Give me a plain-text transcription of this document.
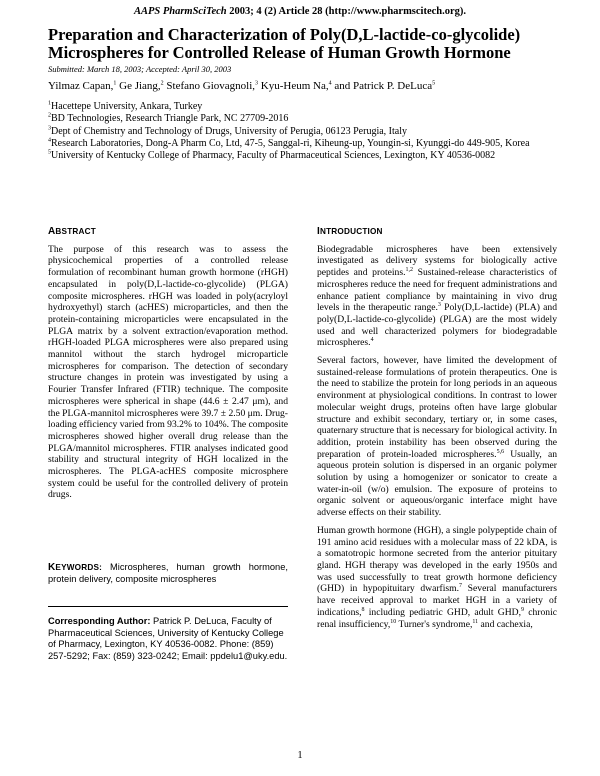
AAPS PharmSciTech 2003; 4 (2) Article 28 (http://www.pharmscitech.org).
Preparation and Characterization of Poly(D,L-lactide-co-glycolide) Microspheres for Controlled Release of Human Growth Hormone
Submitted: March 18, 2003; Accepted: April 30, 2003
Yilmaz Capan,$^1$ Ge Jiang,$^2$ Stefano Giovagnoli,$^3$ Kyu-Heum Na,$^4$ and Patrick P. DeLuca$^5$
$^1$Hacettepe University, Ankara, Turkey
$^2$BD Technologies, Research Triangle Park, NC 27709-2016
$^3$Dept of Chemistry and Technology of Drugs, University of Perugia, 06123 Perugia, Italy
$^4$Research Laboratories, Dong-A Pharm Co, Ltd, 47-5, Sanggal-ri, Kiheung-up, Youngin-si, Kyunggi-do 449-905, Korea
$^5$University of Kentucky College of Pharmacy, Faculty of Pharmaceutical Sciences, Lexington, KY 40536-0082
ABSTRACT

The purpose of this research was to assess the physicochemical properties of a controlled release formulation of recombinant human growth hormone (rHGH) encapsulated in poly(D,L-lactide-co-glycolide) (PLGA) composite microspheres. rHGH was loaded in poly(acryloyl hydroxyethyl) starch (acHES) microparticles, and then the protein-containing microparticles were encapsulated in the PLGA matrix by a solvent extraction/evaporation method. rHGH-loaded PLGA microspheres were also prepared using mannitol without the starch hydrogel microparticle microspheres for comparison. The detection of secondary structure changes in protein was investigated by using a Fourier Transfer Infrared (FTIR) technique. The composite microspheres were spherical in shape (44.6 ± 2.47 μm), and the PLGA-mannitol microspheres were 39.7 ± 2.50 μm. Drug-loading efficiency varied from 93.2% to 104%. The composite microspheres showed higher overall drug release than the PLGA/mannitol microspheres. FTIR analyses indicated good stability and structural integrity of HGH localized in the microspheres. The PLGA-acHES composite microsphere system could be useful for the controlled delivery of protein drugs.

KEYWORDS: Microspheres, human growth hormone, protein delivery, composite microspheres
Corresponding Author: Patrick P. DeLuca, Faculty of Pharmaceutical Sciences, University of Kentucky College of Pharmacy, Lexington, KY 40536-0082. Phone: (859) 257-5292; Fax: (859) 323-0242; Email: ppdelu1@uky.edu.
INTRODUCTION

Biodegradable microspheres have been extensively investigated as delivery systems for biologically active peptides and proteins.$^{1,2}$ Sustained-release characteristics of microspheres reduce the need for frequent administrations and enhance patient compliance by maintaining in vivo drug levels in the therapeutic range.$^3$ Poly(D,L-lactide) (PLA) and poly(D,L-lactide-co-glycolide) (PLGA) are the most widely used and well characterized polymers for biodegradable microspheres.$^4$

Several factors, however, have limited the development of sustained-release formulations of protein therapeutics. One is the need to stabilize the protein for long periods in an aqueous environment at physiological conditions. In contrast to lower molecular weight drugs, proteins often have large globular structure and exhibit secondary, tertiary or, in some cases, quaternary structure that is necessary for biological activity. In addition, protein instability has been observed during the preparation of protein-loaded microspheres.$^{5,6}$ Usually, an aqueous protein solution is dispersed in an organic polymer solution by using a homogenizer or sonicator to create a water-in-oil (w/o) emulsion. The exposure of proteins to organic solvent or aqueous/organic interface might have adverse effects on their stability.

Human growth hormone (HGH), a single polypeptide chain of 191 amino acid residues with a molecular mass of 22 kDA, is a somatotropic hormone secreted from the anterior pituitary gland. HGH therapy was developed in the early 1950s and was used successfully to treat growth hormone deficiency (GHD) in hypopituitary dwarfism.$^7$ Several manufacturers have received approval to market HGH in a variety of indications,$^8$ including pediatric GHD, adult GHD,$^9$ chronic renal insufficiency,$^{10}$ Turner's syndrome,$^{11}$ and cachexia,

1
